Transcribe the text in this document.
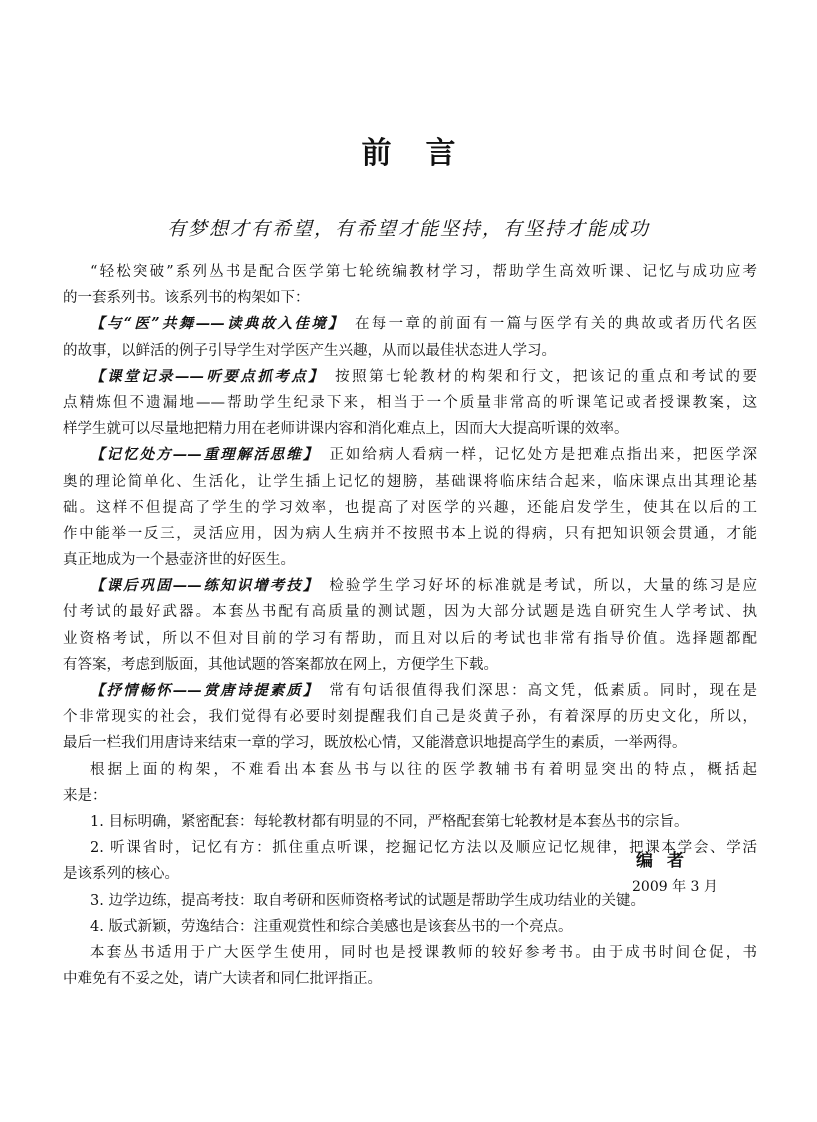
前言
有梦想才有希望，有希望才能坚持，有坚持才能成功
“轻松突破”系列丛书是配合医学第七轮统编教材学习，帮助学生高效听课、记忆与成功应考
的一套系列书。该系列书的构架如下：
【与“医”共舞——读典故入佳境】 在每一章的前面有一篇与医学有关的典故或者历代名医
的故事，以鲜活的例子引导学生对学医产生兴趣，从而以最佳状态进人学习。
【课堂记录——听要点抓考点】 按照第七轮教材的构架和行文，把该记的重点和考试的要
点精炼但不遗漏地——帮助学生纪录下来，相当于一个质量非常高的听课笔记或者授课教案，这
样学生就可以尽量地把精力用在老师讲课内容和消化难点上，因而大大提高听课的效率。
【记忆处方——重理解活思维】 正如给病人看病一样，记忆处方是把难点指出来，把医学深
奥的理论简单化、生活化，让学生插上记忆的翅膀，基础课将临床结合起来，临床课点出其理论基
础。这样不但提高了学生的学习效率，也提高了对医学的兴趣，还能启发学生，使其在以后的工
作中能举一反三，灵活应用，因为病人生病并不按照书本上说的得病，只有把知识领会贯通，才能
真正地成为一个悬壶济世的好医生。
【课后巩固——练知识增考技】 检验学生学习好坏的标准就是考试，所以，大量的练习是应
付考试的最好武器。本套丛书配有高质量的测试题，因为大部分试题是选自研究生人学考试、执
业资格考试，所以不但对目前的学习有帮助，而且对以后的考试也非常有指导价值。选择题都配
有答案，考虑到版面，其他试题的答案都放在网上，方便学生下载。
【抒情畅怀——赏唐诗提素质】 常有句话很值得我们深思：高文凭，低素质。同时，现在是
个非常现实的社会，我们觉得有必要时刻提醒我们自己是炎黄子孙，有着深厚的历史文化，所以，
最后一栏我们用唐诗来结束一章的学习，既放松心情，又能潜意识地提高学生的素质，一举两得。
根据上面的构架，不难看出本套丛书与以往的医学教辅书有着明显突出的特点，概括起
来是：
1. 目标明确，紧密配套：每轮教材都有明显的不同，严格配套第七轮教材是本套丛书的宗旨。
2. 听课省时，记忆有方：抓住重点听课，挖掘记忆方法以及顺应记忆规律，把课本学会、学活
是该系列的核心。
3. 边学边练，提高考技：取自考研和医师资格考试的试题是帮助学生成功结业的关键。
4. 版式新颖，劳逸结合：注重观赏性和综合美感也是该套丛书的一个亮点。
本套丛书适用于广大医学生使用，同时也是授课教师的较好参考书。由于成书时间仓促，书
中难免有不妥之处，请广大读者和同仁批评指正。
编者
2009 年 3 月
